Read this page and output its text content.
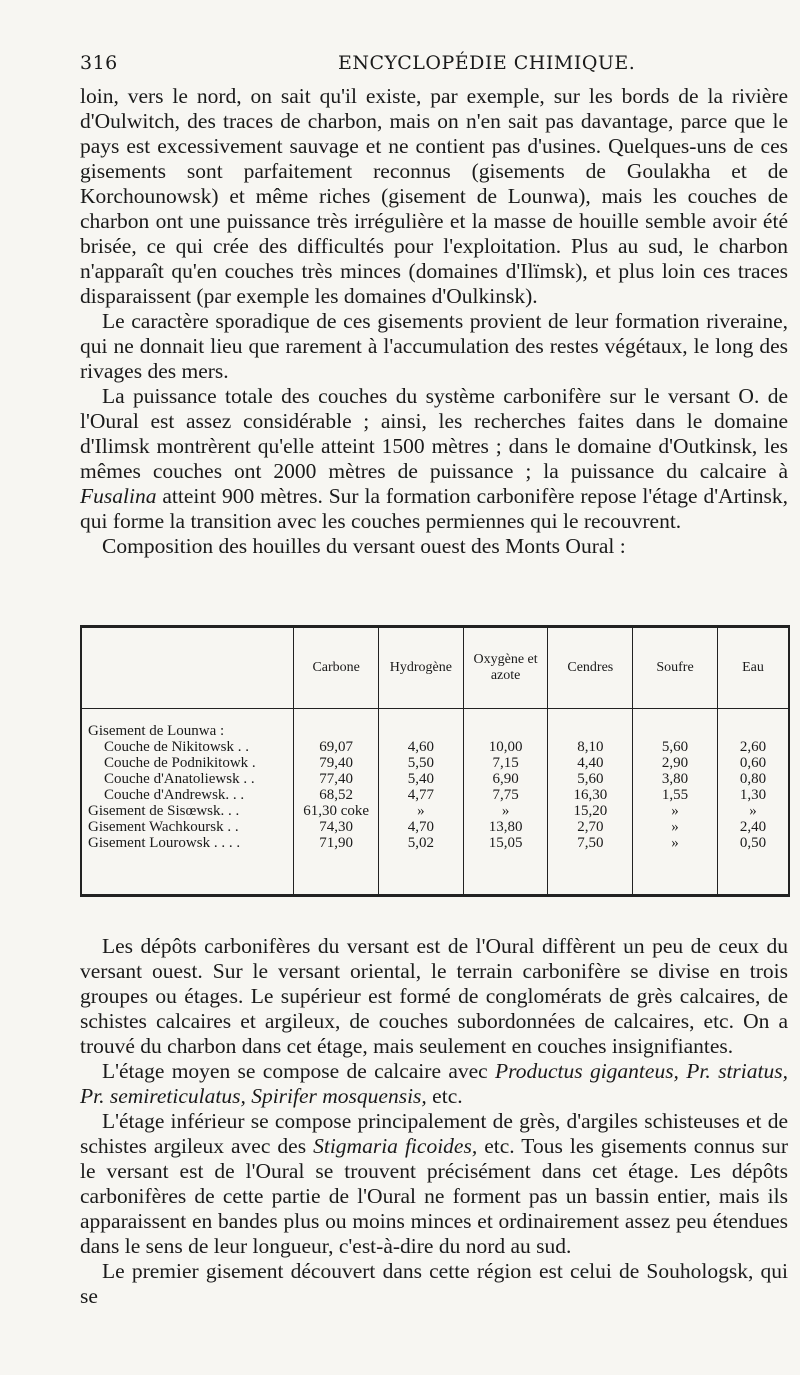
316	ENCYCLOPÉDIE CHIMIQUE.

loin, vers le nord, on sait qu'il existe, par exemple, sur les bords de la rivière d'Oulwitch, des traces de charbon, mais on n'en sait pas davantage, parce que le pays est excessivement sauvage et ne contient pas d'usines. Quelques-uns de ces gisements sont parfaitement reconnus (gisements de Goulakha et de Korchounowsk) et même riches (gisement de Lounwa), mais les couches de charbon ont une puissance très irrégulière et la masse de houille semble avoir été brisée, ce qui crée des difficultés pour l'exploitation. Plus au sud, le charbon n'apparaît qu'en couches très minces (domaines d'Ilïmsk), et plus loin ces traces disparaissent (par exemple les domaines d'Oulkinsk).

Le caractère sporadique de ces gisements provient de leur formation riveraine, qui ne donnait lieu que rarement à l'accumulation des restes végétaux, le long des rivages des mers.

La puissance totale des couches du système carbonifère sur le versant O. de l'Oural est assez considérable ; ainsi, les recherches faites dans le domaine d'Ilimsk montrèrent qu'elle atteint 1500 mètres ; dans le domaine d'Outkinsk, les mêmes couches ont 2000 mètres de puissance ; la puissance du calcaire à Fusalina atteint 900 mètres. Sur la formation carbonifère repose l'étage d'Artinsk, qui forme la transition avec les couches permiennes qui le recouvrent.

Composition des houilles du versant ouest des Monts Oural :

	Carbone	Hydrogène	Oxygène et azote	Cendres	Soufre	Eau
Gisement de Lounwa :						
Couche de Nikitowsk . .	69,07	4,60	10,00	8,10	5,60	2,60
Couche de Podnikitowk .	79,40	5,50	7,15	4,40	2,90	0,60
Couche d'Anatoliewsk . .	77,40	5,40	6,90	5,60	3,80	0,80
Couche d'Andrewsk. . .	68,52	4,77	7,75	16,30	1,55	1,30
Gisement de Sisœwsk. . .	61,30 coke	»	»	15,20	»	»
Gisement Wachkoursk . .	74,30	4,70	13,80	2,70	»	2,40
Gisement Lourowsk . . . .	71,90	5,02	15,05	7,50	»	0,50

Les dépôts carbonifères du versant est de l'Oural diffèrent un peu de ceux du versant ouest. Sur le versant oriental, le terrain carbonifère se divise en trois groupes ou étages. Le supérieur est formé de conglomérats de grès calcaires, de schistes calcaires et argileux, de couches subordonnées de calcaires, etc. On a trouvé du charbon dans cet étage, mais seulement en couches insignifiantes.

L'étage moyen se compose de calcaire avec Productus giganteus, Pr. striatus, Pr. semireticulatus, Spirifer mosquensis, etc.

L'étage inférieur se compose principalement de grès, d'argiles schisteuses et de schistes argileux avec des Stigmaria ficoides, etc. Tous les gisements connus sur le versant est de l'Oural se trouvent précisément dans cet étage. Les dépôts carbonifères de cette partie de l'Oural ne forment pas un bassin entier, mais ils apparaissent en bandes plus ou moins minces et ordinairement assez peu étendues dans le sens de leur longueur, c'est-à-dire du nord au sud.

Le premier gisement découvert dans cette région est celui de Souhologsk, qui se
